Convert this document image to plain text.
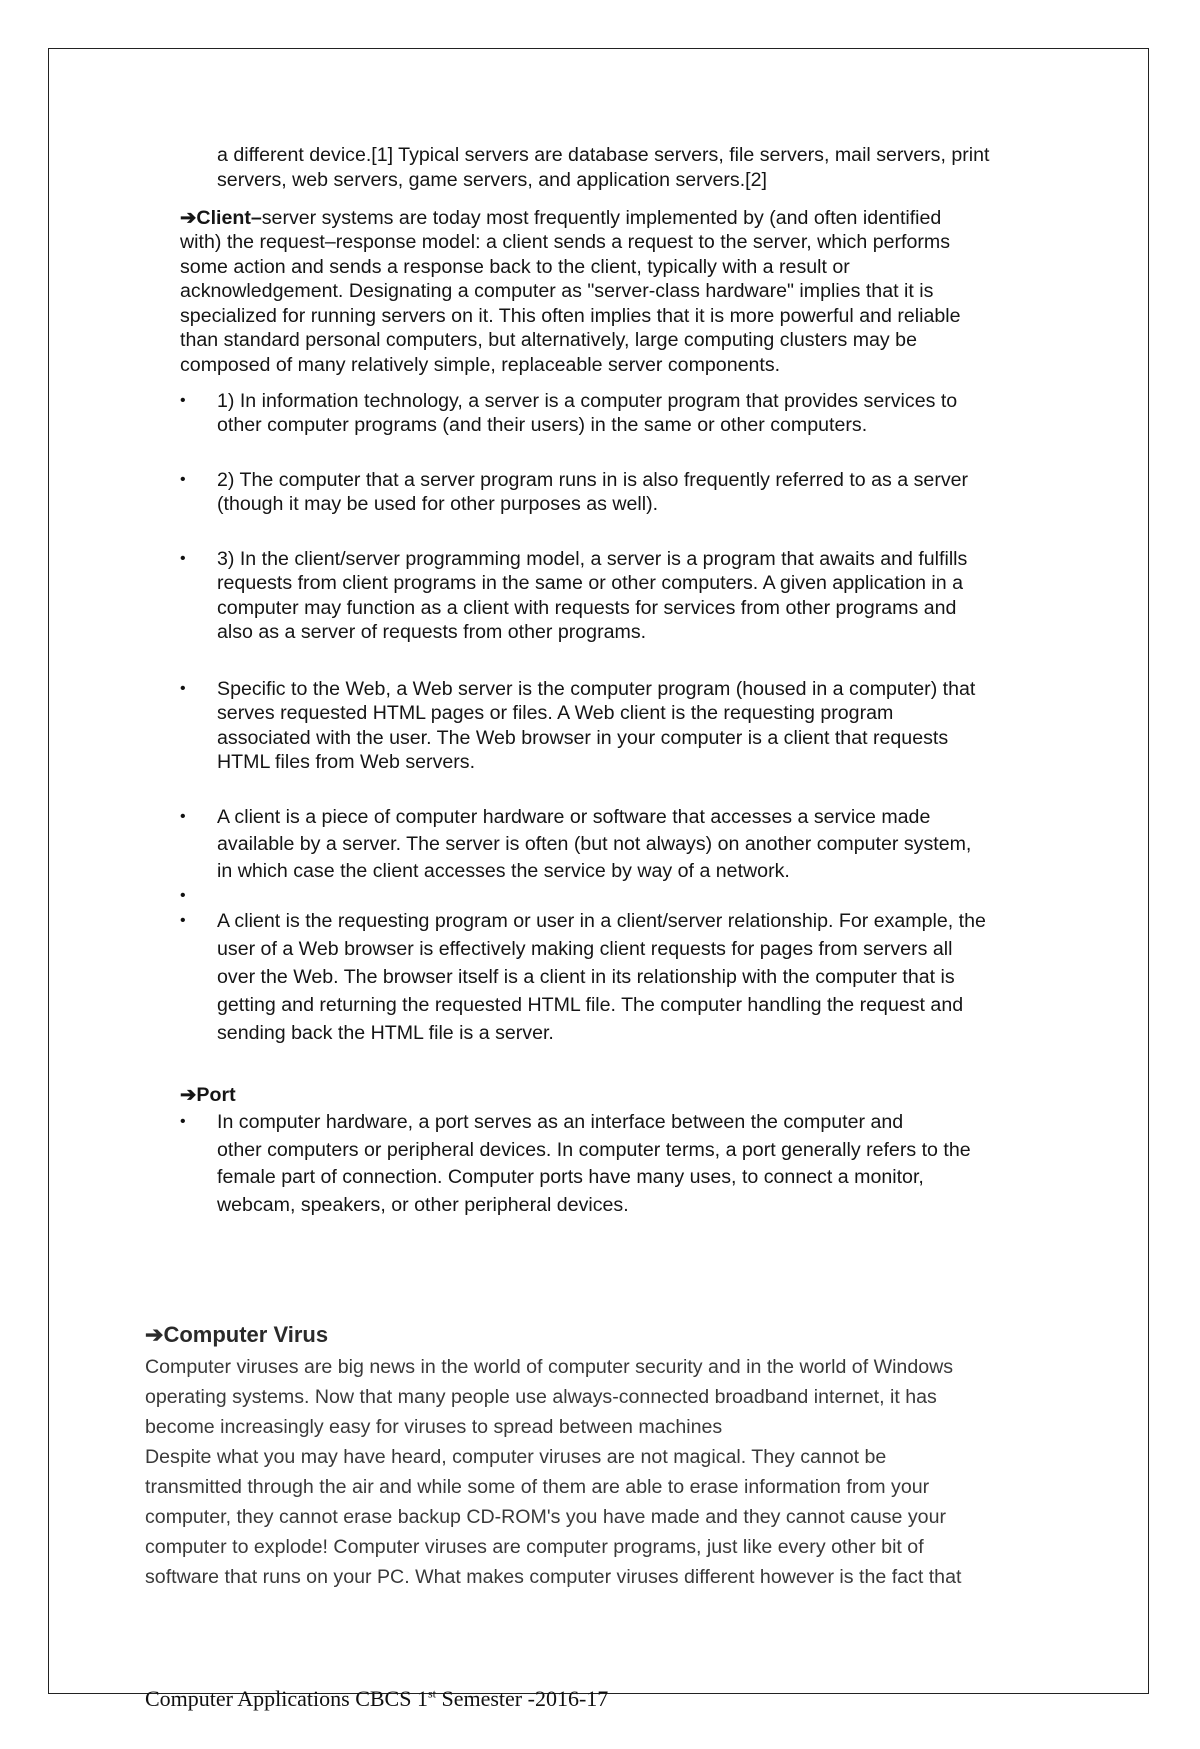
a different device.[1] Typical servers are database servers, file servers, mail servers, print
servers, web servers, game servers, and application servers.[2]
➔Client–server systems are today most frequently implemented by (and often identified
with) the request–response model: a client sends a request to the server, which performs
some action and sends a response back to the client, typically with a result or
acknowledgement. Designating a computer as "server-class hardware" implies that it is
specialized for running servers on it. This often implies that it is more powerful and reliable
than standard personal computers, but alternatively, large computing clusters may be
composed of many relatively simple, replaceable server components.
• 1) In information technology, a server is a computer program that provides services to
other computer programs (and their users) in the same or other computers.
• 2) The computer that a server program runs in is also frequently referred to as a server
(though it may be used for other purposes as well).
• 3) In the client/server programming model, a server is a program that awaits and fulfills
requests from client programs in the same or other computers. A given application in a
computer may function as a client with requests for services from other programs and
also as a server of requests from other programs.
• Specific to the Web, a Web server is the computer program (housed in a computer) that
serves requested HTML pages or files. A Web client is the requesting program
associated with the user. The Web browser in your computer is a client that requests
HTML files from Web servers.
• A client is a piece of computer hardware or software that accesses a service made
available by a server. The server is often (but not always) on another computer system,
in which case the client accesses the service by way of a network.
•
• A client is the requesting program or user in a client/server relationship. For example, the
user of a Web browser is effectively making client requests for pages from servers all
over the Web. The browser itself is a client in its relationship with the computer that is
getting and returning the requested HTML file. The computer handling the request and
sending back the HTML file is a server.
➔Port
• In computer hardware, a port serves as an interface between the computer and
other computers or peripheral devices. In computer terms, a port generally refers to the
female part of connection. Computer ports have many uses, to connect a monitor,
webcam, speakers, or other peripheral devices.
➔Computer Virus
Computer viruses are big news in the world of computer security and in the world of Windows
operating systems. Now that many people use always-connected broadband internet, it has
become increasingly easy for viruses to spread between machines
Despite what you may have heard, computer viruses are not magical. They cannot be
transmitted through the air and while some of them are able to erase information from your
computer, they cannot erase backup CD-ROM's you have made and they cannot cause your
computer to explode! Computer viruses are computer programs, just like every other bit of
software that runs on your PC. What makes computer viruses different however is the fact that
Computer Applications CBCS 1st Semester -2016-17
